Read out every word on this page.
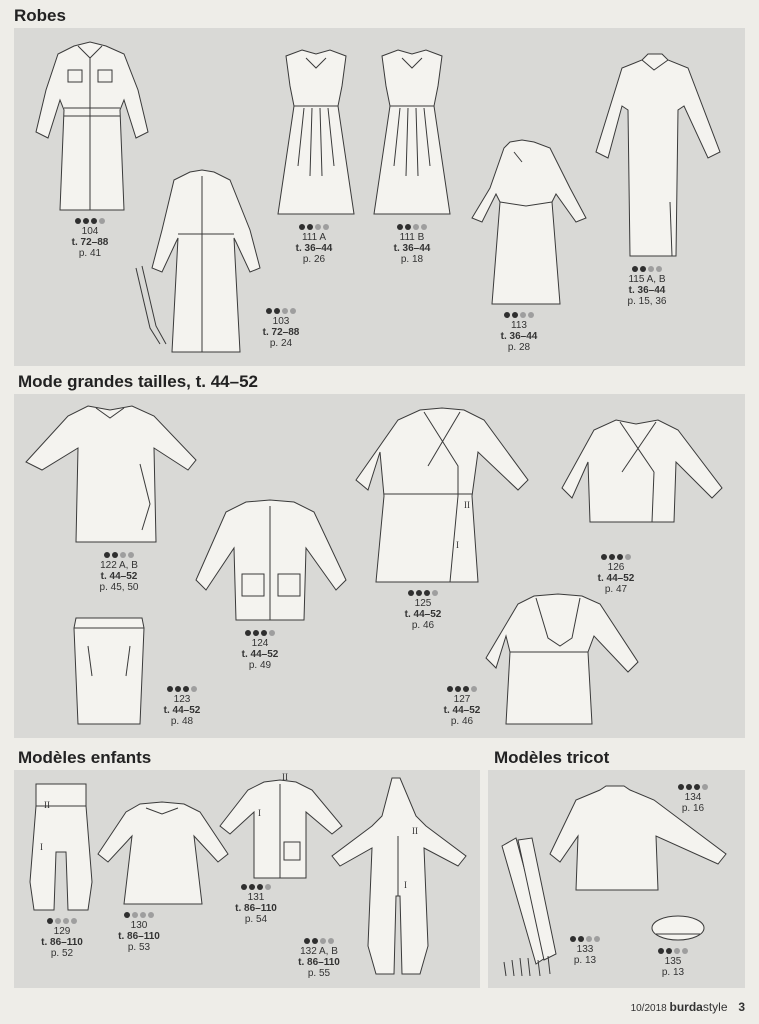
Robes
104
t. 72–88
p. 41
103
t. 72–88
p. 24
111 A
t. 36–44
p. 26
111 B
t. 36–44
p. 18
113
t. 36–44
p. 28
115 A, B
t. 36–44
p. 15, 36
Mode grandes tailles, t. 44–52
122 A, B
t. 44–52
p. 45, 50
124
t. 44–52
p. 49
II
I
125
t. 44–52
p. 46
126
t. 44–52
p. 47
123
t. 44–52
p. 48
127
t. 44–52
p. 46
Modèles enfants
II
I
129
t. 86–110
p. 52
130
t. 86–110
p. 53
II
I
131
t. 86–110
p. 54
II
I
132 A, B
t. 86–110
p. 55
Modèles tricot
134
p. 16
133
p. 13	135
p. 13
10/2018 burdastyle 3
